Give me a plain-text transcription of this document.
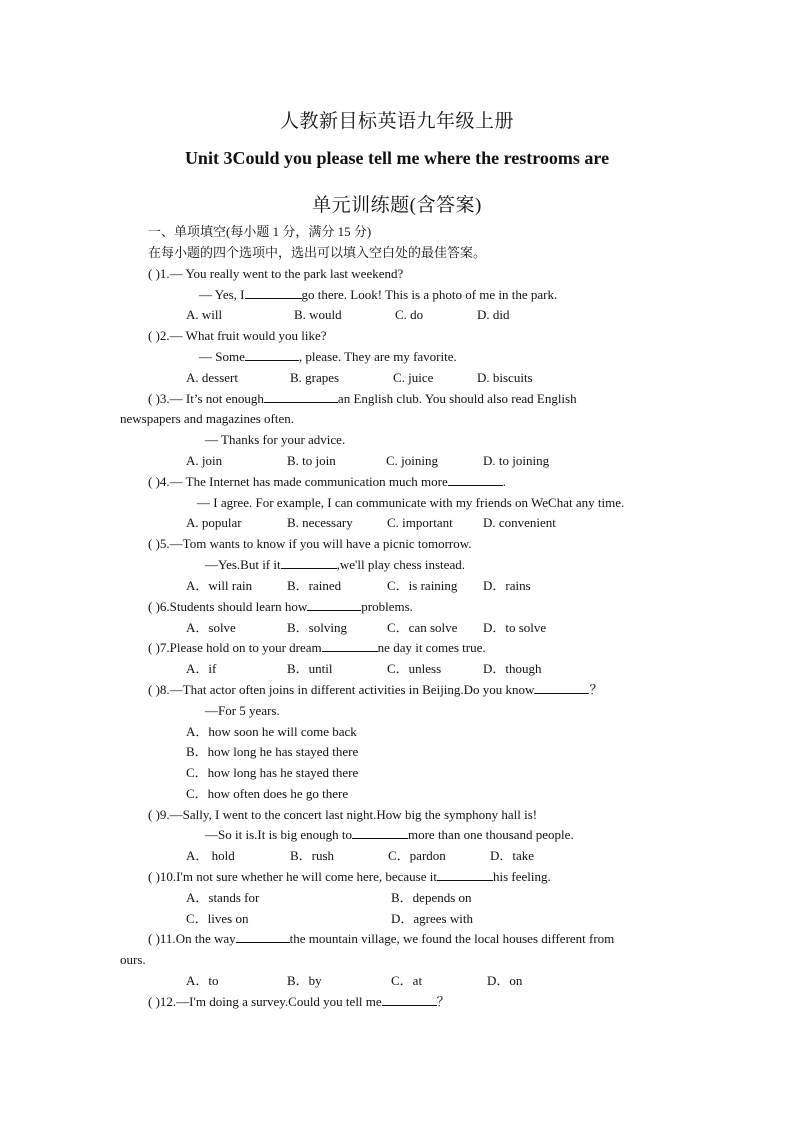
人教新目标英语九年级上册
Unit 3Could you please tell me where the restrooms are
单元训练题(含答案)
一、单项填空(每小题 1 分，满分 15 分)
在每小题的四个选项中，选出可以填入空白处的最佳答案。
( )1.— You really went to the park last weekend?
— Yes, I	go there. Look! This is a photo of me in the park.
A. will	B. would	C. do	D. did
( )2.— What fruit would you like?
— Some	, please. They are my favorite.
A. dessert	B. grapes	C. juice	D. biscuits
( )3.— It’s not enough	an English club. You should also read English
newspapers and magazines often.
— Thanks for your advice.
A. join	B. to join	C. joining	D. to joining
( )4.— The Internet has made communication much more	.
— I agree. For example, I can communicate with my friends on WeChat any time.
A. popular	B. necessary	C. important D. convenient
( )5.—Tom wants to know if you will have a picnic tomorrow.
—Yes.But if it	,we'll play chess instead.
A．will rain	B．rained	C．is raining D．rains
( )6.Students should learn how	problems.
A．solve	B．solving	C．can solve D．to solve
( )7.Please hold on to your dream	ne day it comes true.
A．if	B．until	C．unless	D．though
( )8.—That actor often joins in different activities in Beijing.Do you know	？
—For 5 years.
A．how soon he will come back
B．how long he has stayed there
C．how long has he stayed there
C．how often does he go there
( )9.—Sally, I went to the concert last night.How big the symphony hall is!
—So it is.It is big enough to	more than one thousand people.
A． hold	B．rush	C．pardon	D．take
( )10.I'm not sure whether he will come here, because it	his feeling.
A．stands for	B．depends on
C．lives on	D．agrees with
( )11.On the way	the mountain village, we found the local houses different from
ours.
A．to	B．by	C．at	D．on
( )12.—I'm doing a survey.Could you tell me	？
